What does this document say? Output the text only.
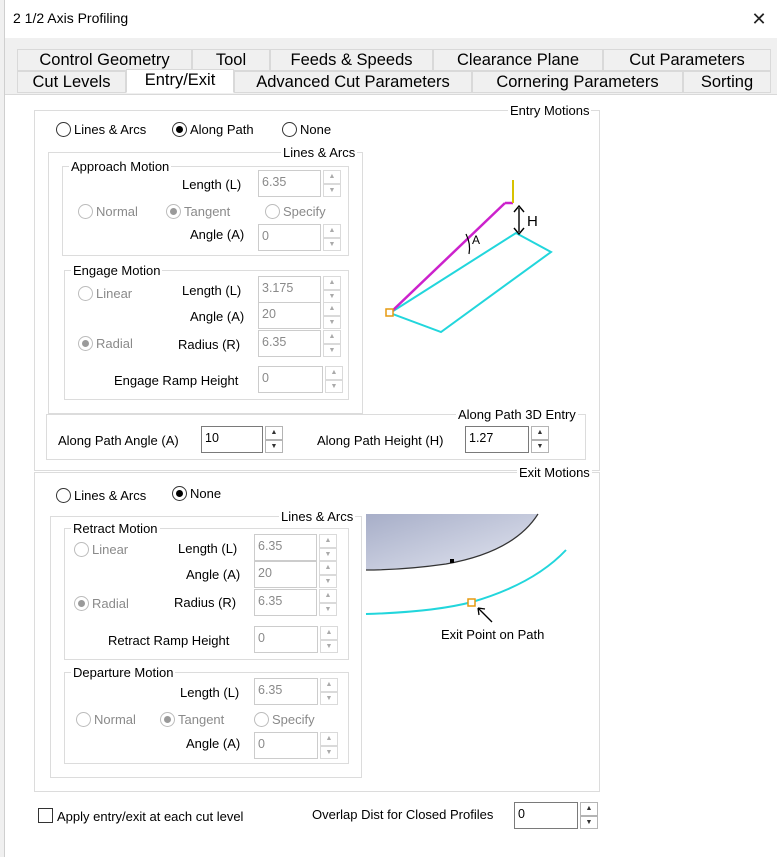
2 1/2 Axis Profiling	✕
Control Geometry	Tool	Feeds & Speeds	Clearance Plane	Cut Parameters
Cut Levels	Entry/Exit	Advanced Cut Parameters	Cornering Parameters	Sorting
Entry Motions
Lines & Arcs	Along Path	None
Lines & Arcs
Approach Motion
Length (L)	6.35	▲
▼
Normal	Tangent	Specify
Angle (A)	0	▲
▼
Engage Motion
Linear	Length (L)	3.175	▲
▼
Angle (A)	20	▲
▼
Radial	Radius (R)	6.35	▲
▼
Engage Ramp Height	0	▲
▼
Along Path 3D Entry
Along Path Angle (A)	10	▲
▼	Along Path Height (H)	1.27	▲
▼
H
A
Exit Motions
Lines & Arcs	None
Lines & Arcs
Retract Motion
Linear	Length (L)	6.35	▲
▼
Angle (A)	20	▲
▼
Radial	Radius (R)	6.35	▲
▼
Retract Ramp Height	0	▲
▼
Departure Motion
Length (L)	6.35	▲
▼
Normal	Tangent	Specify
Angle (A)	0	▲
▼
Exit Point on Path
Apply entry/exit at each cut level	Overlap Dist for Closed Profiles	0	▲
▼
